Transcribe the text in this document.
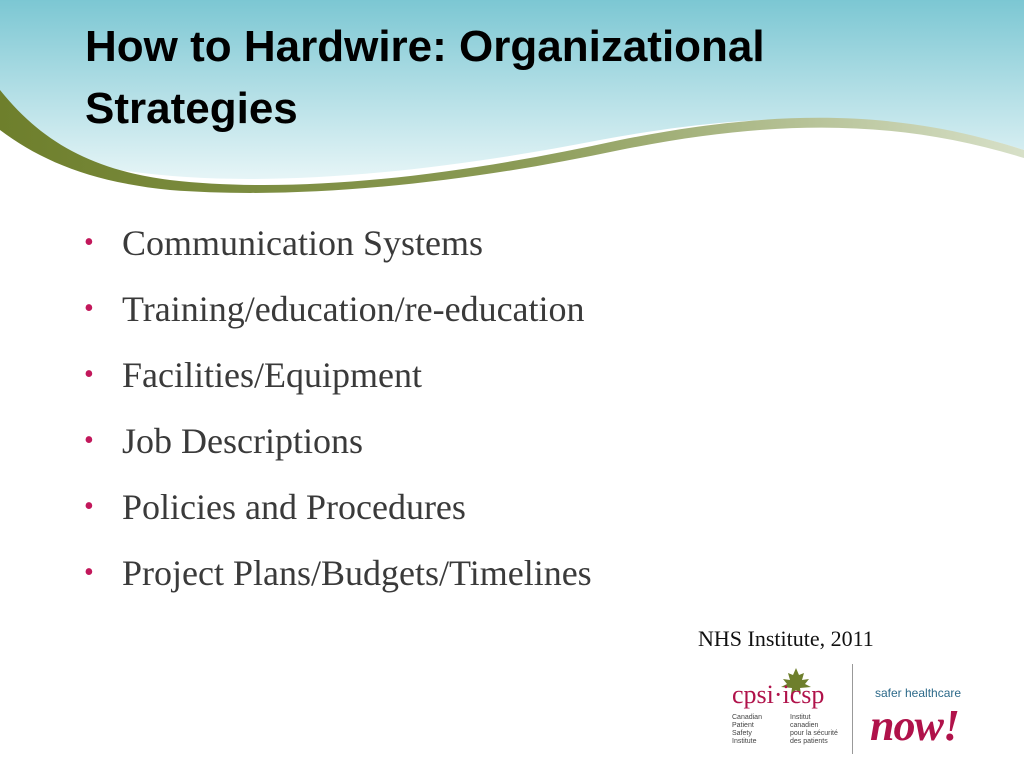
How to Hardwire: Organizational Strategies
• Communication Systems
• Training/education/re-education
• Facilities/Equipment
• Job Descriptions
• Policies and Procedures
• Project Plans/Budgets/Timelines
NHS Institute, 2011
cpsi·icsp
Canadian
Patient
Safety
Institute
Institut
canadien
pour la sécurité
des patients
safer healthcare
now!
